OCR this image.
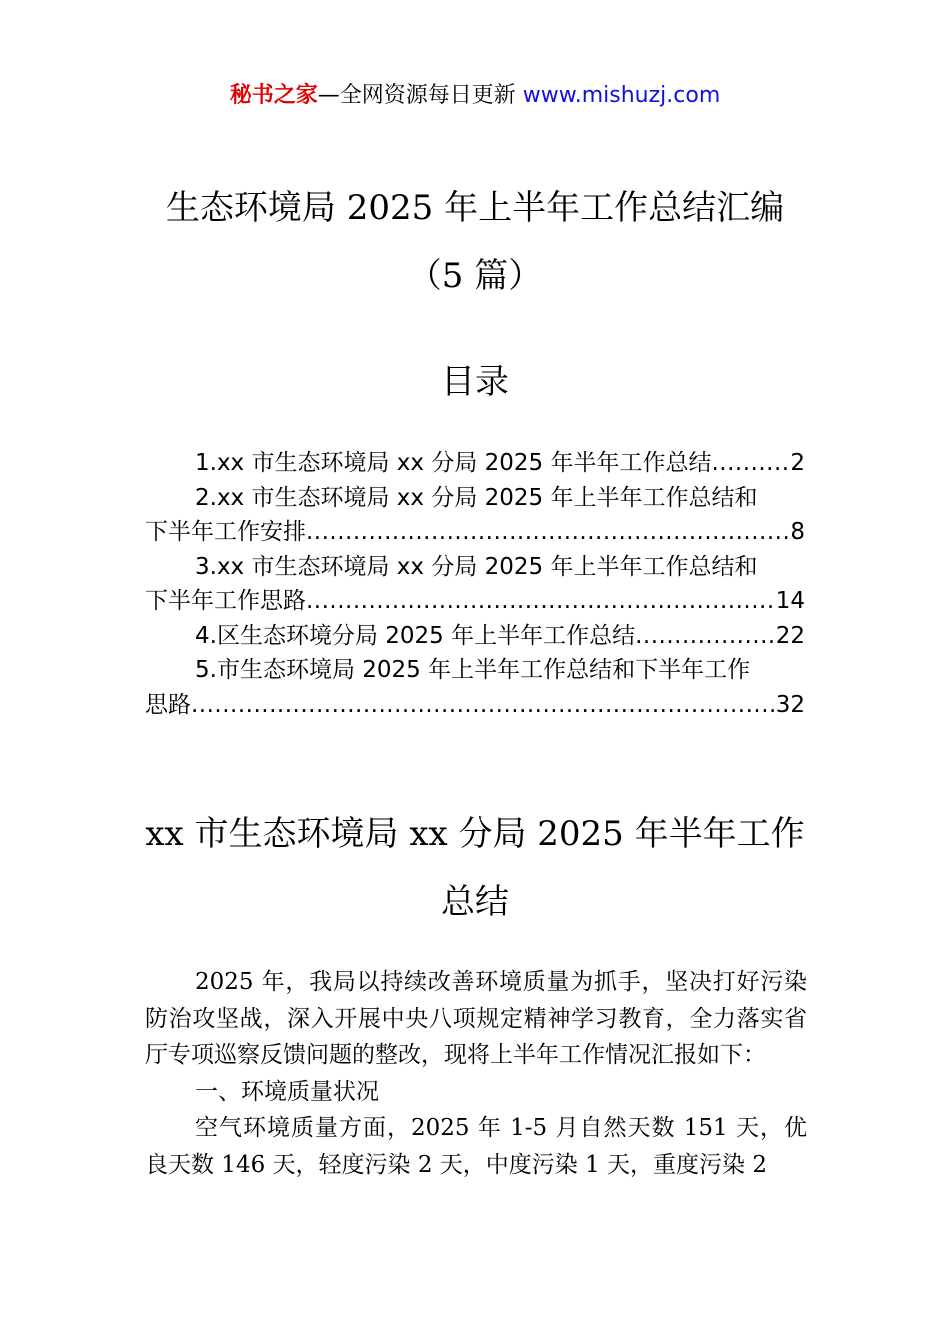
秘书之家—全网资源每日更新 www.mishuzj.com
生态环境局 2025 年上半年工作总结汇编
（5 篇）
目录
1.xx 市生态环境局 xx 分局 2025 年半年工作总结 .....	2
2.xx 市生态环境局 xx 分局 2025 年上半年工作总结和
下半年工作安排 .....	8
3.xx 市生态环境局 xx 分局 2025 年上半年工作总结和
下半年工作思路 .....	14
4.区生态环境分局 2025 年上半年工作总结 .....	22
5.市生态环境局 2025 年上半年工作总结和下半年工作
思路 .....	32
xx 市生态环境局 xx 分局 2025 年半年工作
总结

2025 年，我局以持续改善环境质量为抓手，坚决打好污染防治攻坚战，深入开展中央八项规定精神学习教育，全力落实省厅专项巡察反馈问题的整改，现将上半年工作情况汇报如下：

一、环境质量状况

空气环境质量方面，2025 年 1-5 月自然天数 151 天，优良天数 146 天，轻度污染 2 天，中度污染 1 天，重度污染 2
